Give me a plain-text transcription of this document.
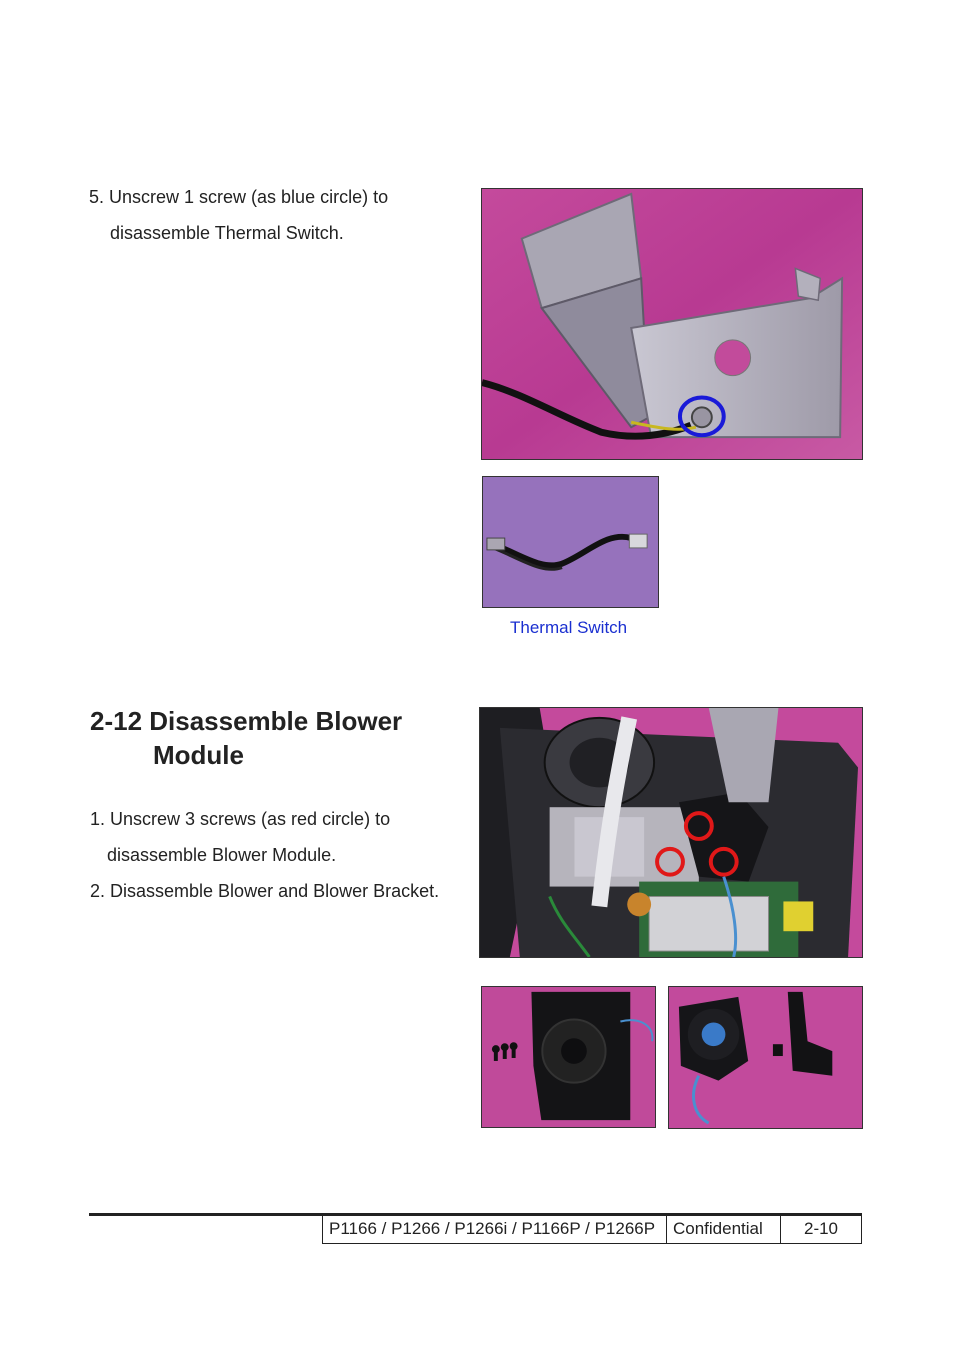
5. Unscrew 1 screw (as blue circle) to
disassemble Thermal Switch.
Thermal Switch
2-12 Disassemble Blower
Module
1. Unscrew 3 screws (as red circle) to
disassemble Blower Module.
2. Disassemble Blower and Blower Bracket.
P1166 / P1266 / P1266i / P1166P / P1266P	Confidential	2-10
